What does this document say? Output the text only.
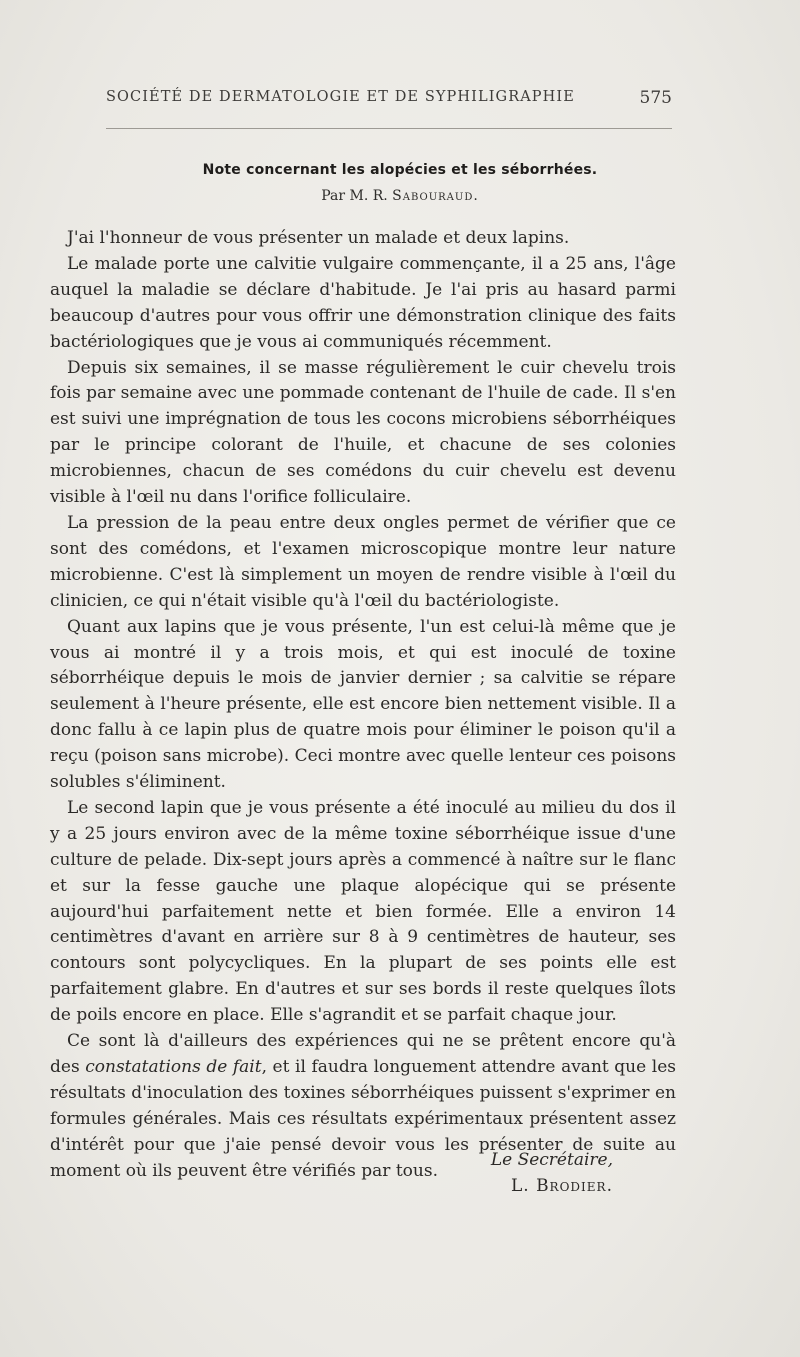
SOCIÉTÉ DE DERMATOLOGIE ET DE SYPHILIGRAPHIE	575
Note concernant les alopécies et les séborrhées.
Par M. R. Sabouraud.

J'ai l'honneur de vous présenter un malade et deux lapins.

Le malade porte une calvitie vulgaire commençante, il a 25 ans, l'âge auquel la maladie se déclare d'habitude. Je l'ai pris au hasard parmi beaucoup d'autres pour vous offrir une démonstration clinique des faits bactériologiques que je vous ai communiqués récemment.

Depuis six semaines, il se masse régulièrement le cuir chevelu trois fois par semaine avec une pommade contenant de l'huile de cade. Il s'en est suivi une imprégnation de tous les cocons microbiens séborrhéiques par le principe colorant de l'huile, et chacune de ses colonies microbiennes, chacun de ses comédons du cuir chevelu est devenu visible à l'œil nu dans l'orifice folliculaire.

La pression de la peau entre deux ongles permet de vérifier que ce sont des comédons, et l'examen microscopique montre leur nature microbienne. C'est là simplement un moyen de rendre visible à l'œil du clinicien, ce qui n'était visible qu'à l'œil du bactériologiste.

Quant aux lapins que je vous présente, l'un est celui-là même que je vous ai montré il y a trois mois, et qui est inoculé de toxine séborrhéique depuis le mois de janvier dernier ; sa calvitie se répare seulement à l'heure présente, elle est encore bien nettement visible. Il a donc fallu à ce lapin plus de quatre mois pour éliminer le poison qu'il a reçu (poison sans microbe). Ceci montre avec quelle lenteur ces poisons solubles s'éliminent.

Le second lapin que je vous présente a été inoculé au milieu du dos il y a 25 jours environ avec de la même toxine séborrhéique issue d'une culture de pelade. Dix-sept jours après a commencé à naître sur le flanc et sur la fesse gauche une plaque alopécique qui se présente aujourd'hui parfaitement nette et bien formée. Elle a environ 14 centimètres d'avant en arrière sur 8 à 9 centimètres de hauteur, ses contours sont polycycliques. En la plupart de ses points elle est parfaitement glabre. En d'autres et sur ses bords il reste quelques îlots de poils encore en place. Elle s'agrandit et se parfait chaque jour.

Ce sont là d'ailleurs des expériences qui ne se prêtent encore qu'à des constatations de fait, et il faudra longuement attendre avant que les résultats d'inoculation des toxines séborrhéiques puissent s'exprimer en formules générales. Mais ces résultats expérimentaux présentent assez d'intérêt pour que j'aie pensé devoir vous les présenter de suite au moment où ils peuvent être vérifiés par tous.

Le Secrétaire,
L. Brodier.
